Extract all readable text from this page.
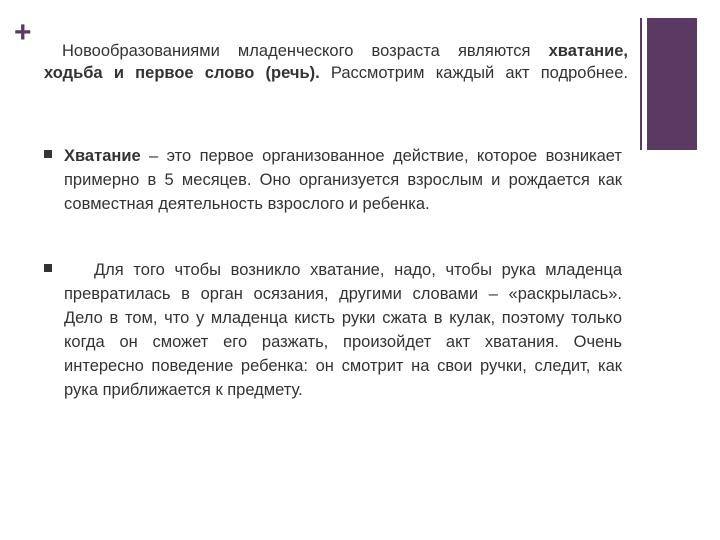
+
Новообразованиями младенческого возраста являются хватание, ходьба и первое слово (речь). Рассмотрим каждый акт подробнее.
Хватание – это первое организованное действие, которое возникает примерно в 5 месяцев. Оно организуется взрослым и рождается как совместная деятельность взрослого и ребенка.
Для того чтобы возникло хватание, надо, чтобы рука младенца превратилась в орган осязания, другими словами – «раскрылась». Дело в том, что у младенца кисть руки сжата в кулак, поэтому только когда он сможет его разжать, произойдет акт хватания. Очень интересно поведение ребенка: он смотрит на свои ручки, следит, как рука приближается к предмету.
